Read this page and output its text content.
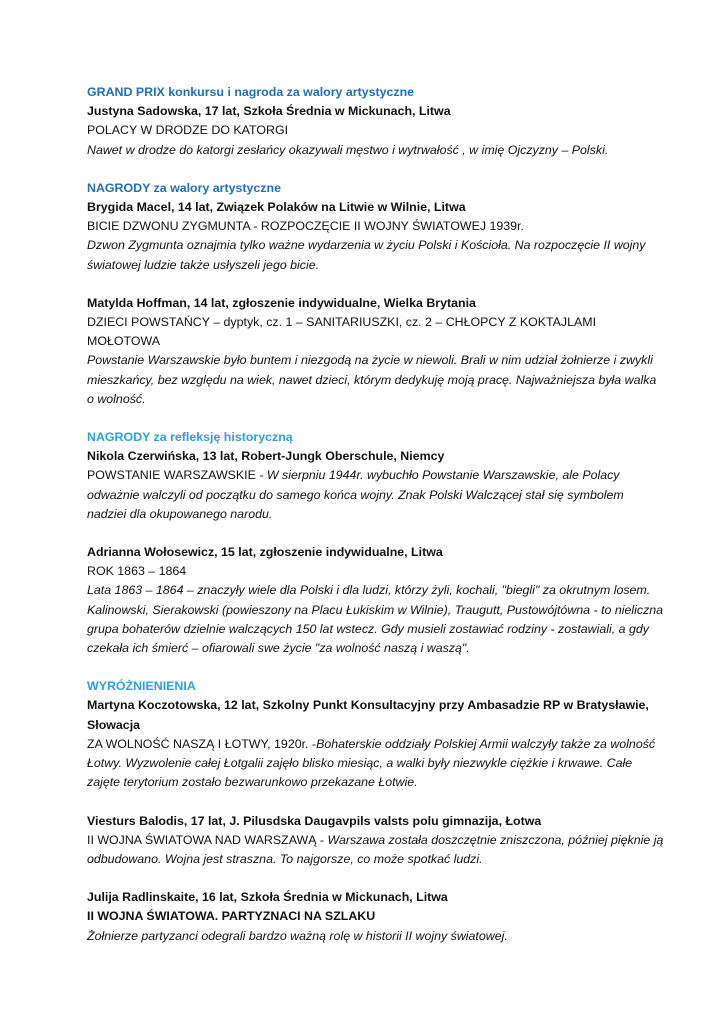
GRAND PRIX konkursu i nagroda za walory artystyczne
Justyna Sadowska, 17 lat, Szkoła Średnia w Mickunach, Litwa
POLACY W DRODZE DO KATORGI
Nawet w drodze do katorgi zesłańcy okazywali męstwo i wytrwałość , w imię Ojczyzny – Polski.
NAGRODY za walory artystyczne
Brygida Macel, 14 lat, Związek Polaków na Litwie w Wilnie, Litwa
BICIE DZWONU ZYGMUNTA - ROZPOCZĘCIE II WOJNY ŚWIATOWEJ 1939r.
Dzwon Zygmunta oznajmia tylko ważne wydarzenia w życiu Polski i Kościoła. Na rozpoczęcie II wojny światowej ludzie także usłyszeli jego bicie.
Matylda Hoffman, 14 lat, zgłoszenie indywidualne, Wielka Brytania
DZIECI POWSTAŃCY – dyptyk, cz. 1 – SANITARIUSZKI, cz. 2 – CHŁOPCY Z KOKTAJLAMI MOŁOTOWA
Powstanie Warszawskie było buntem i niezgodą na życie w niewoli. Brali w nim udział żołnierze i zwykli mieszkańcy, bez względu na wiek, nawet dzieci, którym dedykuję moją pracę. Najważniejsza była walka o wolność.
NAGRODY za refleksję historyczną
Nikola Czerwińska, 13 lat, Robert-Jungk Oberschule, Niemcy
POWSTANIE WARSZAWSKIE - W sierpniu 1944r. wybuchło Powstanie Warszawskie, ale Polacy odważnie walczyli od początku do samego końca wojny. Znak Polski Walczącej stał się symbolem nadziei dla okupowanego narodu.
Adrianna Wołosewicz, 15 lat, zgłoszenie indywidualne, Litwa
ROK 1863 – 1864
Lata 1863 – 1864 – znaczyły wiele dla Polski i dla ludzi, którzy żyli, kochali, "biegli" za okrutnym losem. Kalinowski, Sierakowski (powieszony na Placu Łukiskim w Wilnie), Traugutt, Pustowójtówna - to nieliczna grupa bohaterów dzielnie walczących 150 lat wstecz. Gdy musieli zostawiać rodziny - zostawiali, a gdy czekała ich śmierć – ofiarowali swe życie "za wolność naszą i waszą".
WYRÓŻNIENIENIA
Martyna Koczotowska, 12 lat, Szkolny Punkt Konsultacyjny przy Ambasadzie RP w Bratysławie, Słowacja
ZA WOLNOŚĆ NASZĄ I ŁOTWY, 1920r. -Bohaterskie oddziały Polskiej Armii walczyły także za wolność Łotwy. Wyzwolenie całej Łotgalii zajęło blisko miesiąc, a walki były niezwykle ciężkie i krwawe. Całe zajęte terytorium zostało bezwarunkowo przekazane Łotwie.
Viesturs Balodis, 17 lat, J. Pilusdska Daugavpils valsts polu gimnazija, Łotwa
II WOJNA ŚWIATOWA NAD WARSZAWĄ - Warszawa została doszczętnie zniszczona, później pięknie ją odbudowano. Wojna jest straszna. To najgorsze, co może spotkać ludzi.
Julija Radlinskaite, 16 lat, Szkoła Średnia w Mickunach, Litwa
II WOJNA ŚWIATOWA. PARTYZNACI NA SZLAKU
Żołnierze partyzanci odegrali bardzo ważną rolę w historii II wojny światowej.
